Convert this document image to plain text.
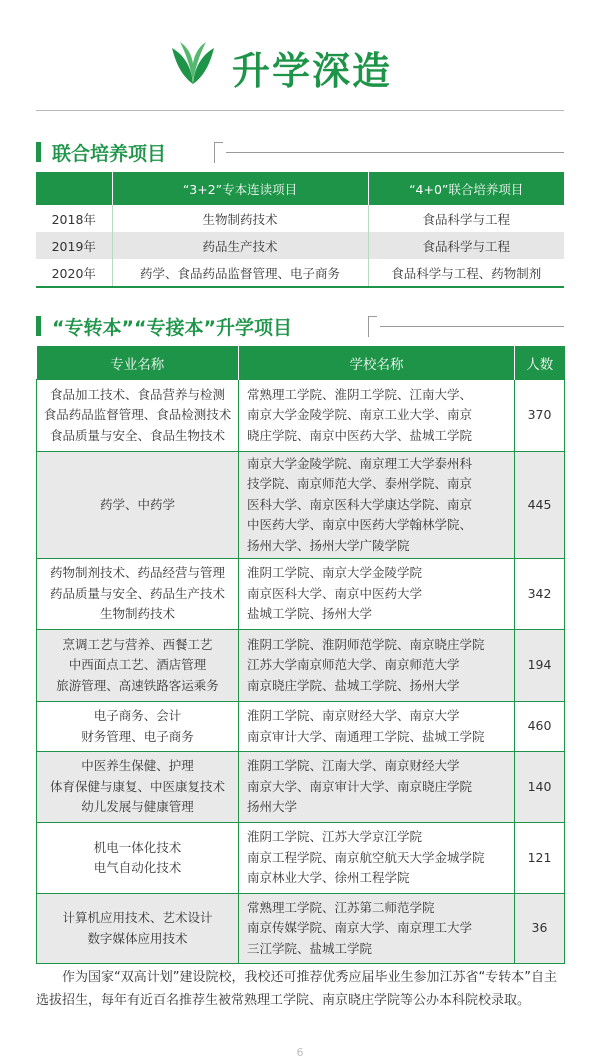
升学深造
联合培养项目
	“3+2”专本连读项目	“4+0”联合培养项目
2018年	生物制药技术	食品科学与工程
2019年	药品生产技术	食品科学与工程
2020年	药学、食品药品监督管理、电子商务	食品科学与工程、药物制剂
“专转本”“专接本”升学项目
专业名称	学校名称	人数

食品加工技术、食品营养与检测
食品药品监督管理、食品检测技术
食品质量与安全、食品生物技术	常熟理工学院、淮阴工学院、江南大学、
南京大学金陵学院、南京工业大学、南京
晓庄学院、南京中医药大学、盐城工学院	370

药学、中药学	南京大学金陵学院、南京理工大学泰州科
技学院、南京师范大学、泰州学院、南京
医科大学、南京医科大学康达学院、南京
中医药大学、南京中医药大学翰林学院、
扬州大学、扬州大学广陵学院	445

药物制剂技术、药品经营与管理
药品质量与安全、药品生产技术
生物制药技术	淮阴工学院、南京大学金陵学院
南京医科大学、南京中医药大学
盐城工学院、扬州大学	342

烹调工艺与营养、西餐工艺
中西面点工艺、酒店管理
旅游管理、高速铁路客运乘务	淮阴工学院、淮阴师范学院、南京晓庄学院
江苏大学南京师范大学、南京师范大学
南京晓庄学院、盐城工学院、扬州大学	194

电子商务、会计
财务管理、电子商务	淮阴工学院、南京财经大学、南京大学
南京审计大学、南通理工学院、盐城工学院	460

中医养生保健、护理
体育保健与康复、中医康复技术
幼儿发展与健康管理	淮阴工学院、江南大学、南京财经大学
南京大学、南京审计大学、南京晓庄学院
扬州大学	140

机电一体化技术
电气自动化技术	淮阴工学院、江苏大学京江学院
南京工程学院、南京航空航天大学金城学院
南京林业大学、徐州工程学院	121

计算机应用技术、艺术设计
数字媒体应用技术	常熟理工学院、江苏第二师范学院
南京传媒学院、南京大学、南京理工大学
三江学院、盐城工学院	36
作为国家“双高计划”建设院校，我校还可推荐优秀应届毕业生参加江苏省“专转本”自主选拔招生，每年有近百名推荐生被常熟理工学院、南京晓庄学院等公办本科院校录取。
6
